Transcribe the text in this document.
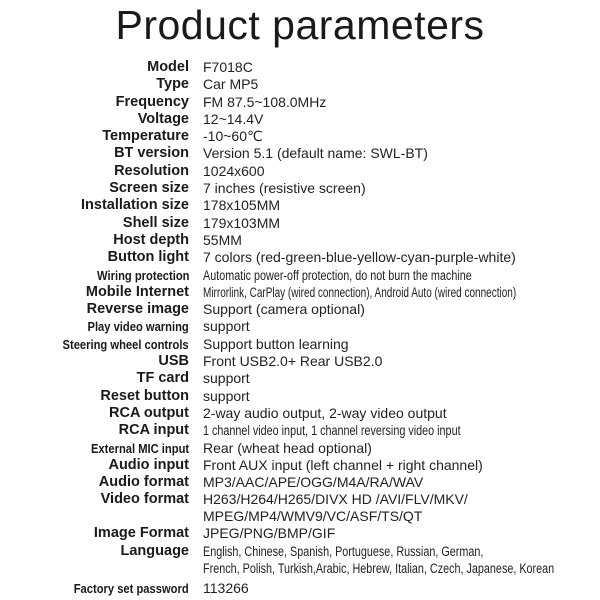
Product parameters
Model F7018C
Type Car MP5
Frequency FM 87.5~108.0MHz
Voltage 12~14.4V
Temperature -10~60℃
BT version Version 5.1 (default name: SWL-BT)
Resolution 1024x600
Screen size 7 inches (resistive screen)
Installation size 178x105MM
Shell size 179x103MM
Host depth 55MM
Button light 7 colors (red-green-blue-yellow-cyan-purple-white)
Wiring protection Automatic power-off protection, do not burn the machine
Mobile Internet Mirrorlink, CarPlay (wired connection), Android Auto (wired connection)
Reverse image Support (camera optional)
Play video warning support
Steering wheel controls Support button learning
USB Front USB2.0+ Rear USB2.0
TF card support
Reset button support
RCA output 2-way audio output, 2-way video output
RCA input 1 channel video input, 1 channel reversing video input
External MIC input Rear (wheat head optional)
Audio input Front AUX input (left channel + right channel)
Audio format MP3/AAC/APE/OGG/M4A/RA/WAV
Video format H263/H264/H265/DIVX HD /AVI/FLV/MKV/
MPEG/MP4/WMV9/VC/ASF/TS/QT
Image Format JPEG/PNG/BMP/GIF
Language English, Chinese, Spanish, Portuguese, Russian, German,
French, Polish, Turkish,Arabic, Hebrew, Italian, Czech, Japanese, Korean
Factory set password 113266
